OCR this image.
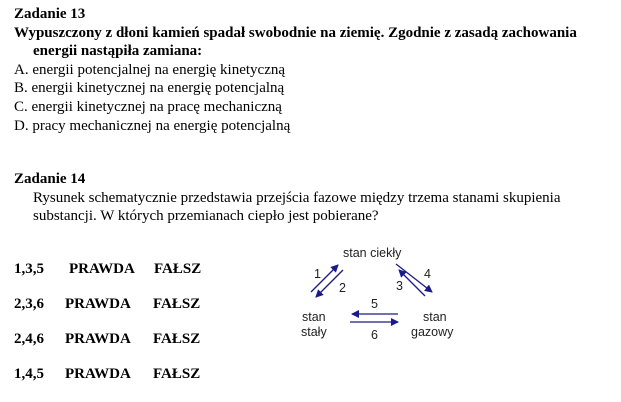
Zadanie 13
Wypuszczony z dłoni kamień spadał swobodnie na ziemię. Zgodnie z zasadą zachowania
energii nastąpiła zamiana:
A. energii potencjalnej na energię kinetyczną
B. energii kinetycznej na energię potencjalną
C. energii kinetycznej na pracę mechaniczną
D. pracy mechanicznej na energię potencjalną
Zadanie 14
Rysunek schematycznie przedstawia przejścia fazowe między trzema stanami skupienia
substancji. W których przemianach ciepło jest pobierane?
1,3,5 PRAWDA FAŁSZ
2,3,6 PRAWDA FAŁSZ
2,4,6 PRAWDA FAŁSZ
1,4,5 PRAWDA FAŁSZ
stan ciekły
stan
stały
stan
gazowy
1
2	3
4
5
6
